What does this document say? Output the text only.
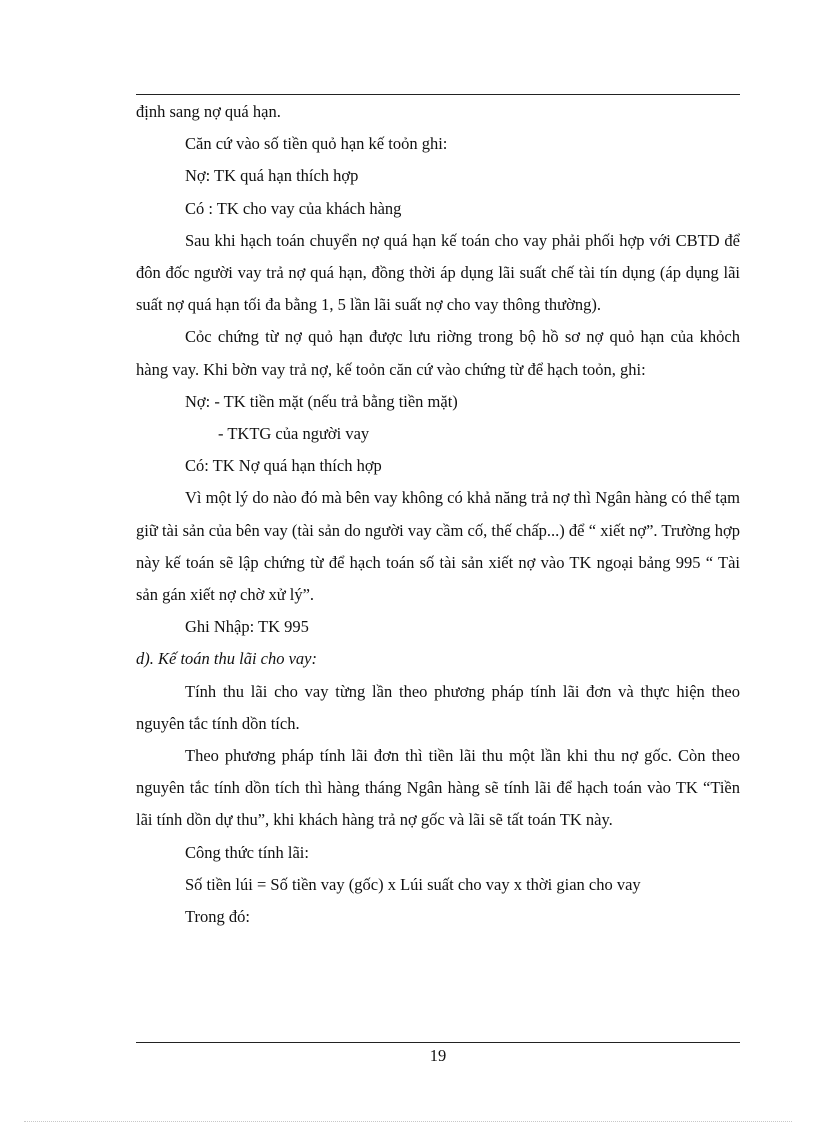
định sang nợ quá hạn.

Căn cứ vào số tiền quỏ hạn kế toỏn ghi:

Nợ: TK quá hạn thích hợp

Có : TK cho vay của khách hàng

Sau khi hạch toán chuyển nợ quá hạn kế toán cho vay phải phối hợp với CBTD để đôn đốc người vay trả nợ quá hạn, đồng thời áp dụng lãi suất chế tài tín dụng (áp dụng lãi suất nợ quá hạn tối đa bằng 1, 5 lần lãi suất nợ cho vay thông thường).

Cỏc chứng từ nợ quỏ hạn được lưu riờng trong bộ hồ sơ nợ quỏ hạn của khỏch hàng vay. Khi bờn vay trả nợ, kế toỏn căn cứ vào chứng từ để hạch toỏn, ghi:

Nợ: - TK tiền mặt (nếu trả bằng tiền mặt)

- TKTG của người vay

Có: TK Nợ quá hạn thích hợp

Vì một lý do nào đó mà bên vay không có khả năng trả nợ thì Ngân hàng có thể tạm giữ tài sản của bên vay (tài sản do người vay cầm cố, thế chấp...) để “ xiết nợ”. Trường hợp này kế toán sẽ lập chứng từ để hạch toán số tài sản xiết nợ vào TK ngoại bảng 995 “ Tài sản gán xiết nợ chờ xử lý”.

Ghi Nhập: TK 995

d). Kế toán thu lãi cho vay:

Tính thu lãi cho vay từng lần theo phương pháp tính lãi đơn và thực hiện theo nguyên tắc tính dồn tích.

Theo phương pháp tính lãi đơn thì tiền lãi thu một lần khi thu nợ gốc. Còn theo nguyên tắc tính dồn tích thì hàng tháng Ngân hàng sẽ tính lãi để hạch toán vào TK “Tiền lãi tính dồn dự thu”, khi khách hàng trả nợ gốc và lãi sẽ tất toán TK này.

Công thức tính lãi:

Số tiền lúi = Số tiền vay (gốc) x Lúi suất cho vay x thời gian cho vay

Trong đó:

19
